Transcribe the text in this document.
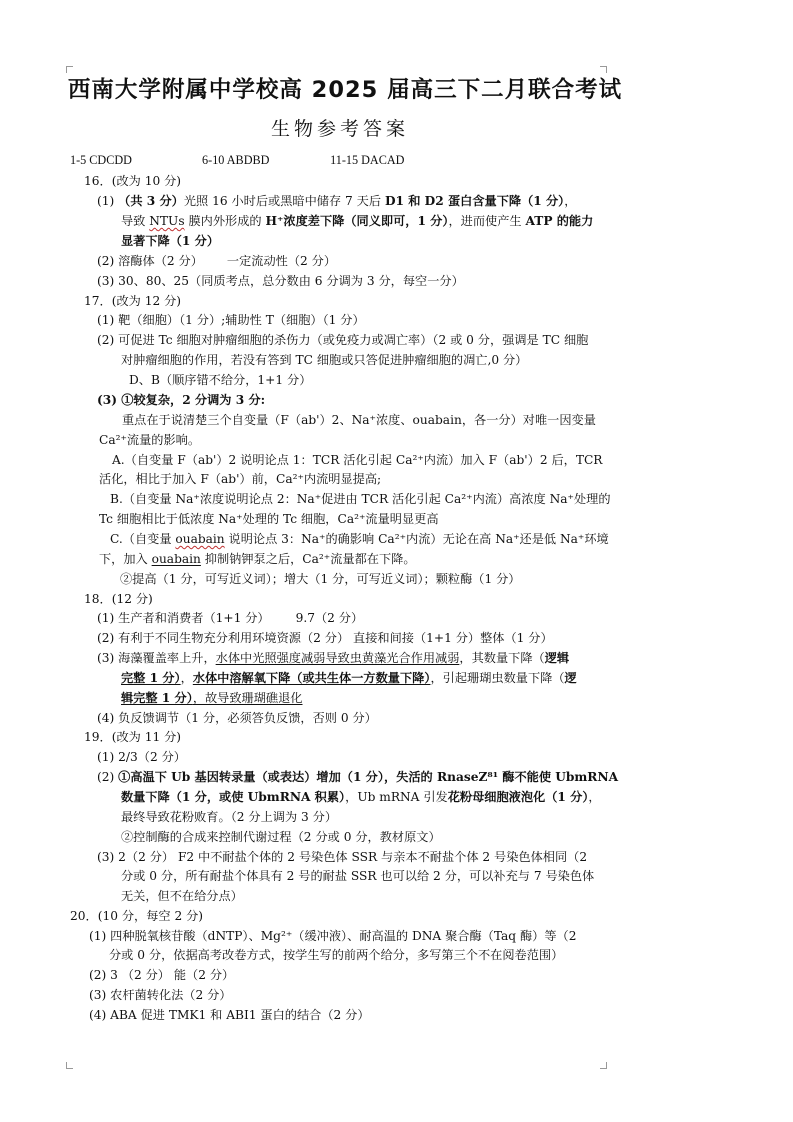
西南大学附属中学校高 2025 届高三下二月联合考试
生物参考答案
1-5 CDCDD	6-10 ABDBD	11-15 DACAD
16．(改为 10 分)
(1) （共 3 分）光照 16 小时后或黑暗中储存 7 天后 D1 和 D2 蛋白含量下降（1 分），
导致 NTUs 膜内外形成的 H⁺浓度差下降（同义即可，1 分），进而使产生 ATP 的能力
显著下降（1 分）
(2) 溶酶体（2 分） 一定流动性（2 分）
(3) 30、80、25（同质考点，总分数由 6 分调为 3 分，每空一分）
17．(改为 12 分)
(1) 靶（细胞）（1 分）;辅助性 T（细胞）（1 分）
(2) 可促进 Tc 细胞对肿瘤细胞的杀伤力（或免疫力或凋亡率）（2 或 0 分，强调是 TC 细胞
对肿瘤细胞的作用，若没有答到 TC 细胞或只答促进肿瘤细胞的凋亡,0 分）
D、B（顺序错不给分，1+1 分）
(3) ①较复杂，2 分调为 3 分:
重点在于说清楚三个自变量（F（ab'）2、Na⁺浓度、ouabain，各一分）对唯一因变量
Ca²⁺流量的影响。
A.（自变量 F（ab'）2 说明论点 1：TCR 活化引起 Ca²⁺内流）加入 F（ab'）2 后，TCR
活化，相比于加入 F（ab'）前，Ca²⁺内流明显提高;
B.（自变量 Na⁺浓度说明论点 2：Na⁺促进由 TCR 活化引起 Ca²⁺内流）高浓度 Na⁺处理的
Tc 细胞相比于低浓度 Na⁺处理的 Tc 细胞，Ca²⁺流量明显更高
C.（自变量 ouabain 说明论点 3：Na⁺的确影响 Ca²⁺内流）无论在高 Na⁺还是低 Na⁺环境
下，加入 ouabain 抑制钠钾泵之后，Ca²⁺流量都在下降。
②提高（1 分，可写近义词）；增大（1 分，可写近义词）；颗粒酶（1 分）
18．(12 分)
(1) 生产者和消费者（1+1 分） 9.7（2 分）
(2) 有利于不同生物充分利用环境资源（2 分） 直接和间接（1+1 分）整体（1 分）
(3) 海藻覆盖率上升，水体中光照强度减弱导致虫黄藻光合作用减弱，其数量下降（逻辑
完整 1 分），水体中溶解氧下降（或共生体一方数量下降），引起珊瑚虫数量下降（逻
辑完整 1 分），故导致珊瑚礁退化
(4) 负反馈调节（1 分，必须答负反馈，否则 0 分）
19．(改为 11 分)
(1) 2/3（2 分）
(2) ①高温下 Ub 基因转录量（或表达）增加（1 分），失活的 RnaseZ⁸¹ 酶不能使 UbmRNA
数量下降（1 分，或使 UbmRNA 积累），Ub mRNA 引发花粉母细胞液泡化（1 分），
最终导致花粉败育。（2 分上调为 3 分）
②控制酶的合成来控制代谢过程（2 分或 0 分，教材原文）
(3) 2（2 分） F2 中不耐盐个体的 2 号染色体 SSR 与亲本不耐盐个体 2 号染色体相同（2
分或 0 分，所有耐盐个体具有 2 号的耐盐 SSR 也可以给 2 分，可以补充与 7 号染色体
无关，但不在给分点）
20．(10 分，每空 2 分)
(1) 四种脱氧核苷酸（dNTP）、Mg²⁺（缓冲液）、耐高温的 DNA 聚合酶（Taq 酶）等（2
分或 0 分，依据高考改卷方式，按学生写的前两个给分，多写第三个不在阅卷范围）
(2) 3 （2 分） 能（2 分）
(3) 农杆菌转化法（2 分）
(4) ABA 促进 TMK1 和 ABI1 蛋白的结合（2 分）
